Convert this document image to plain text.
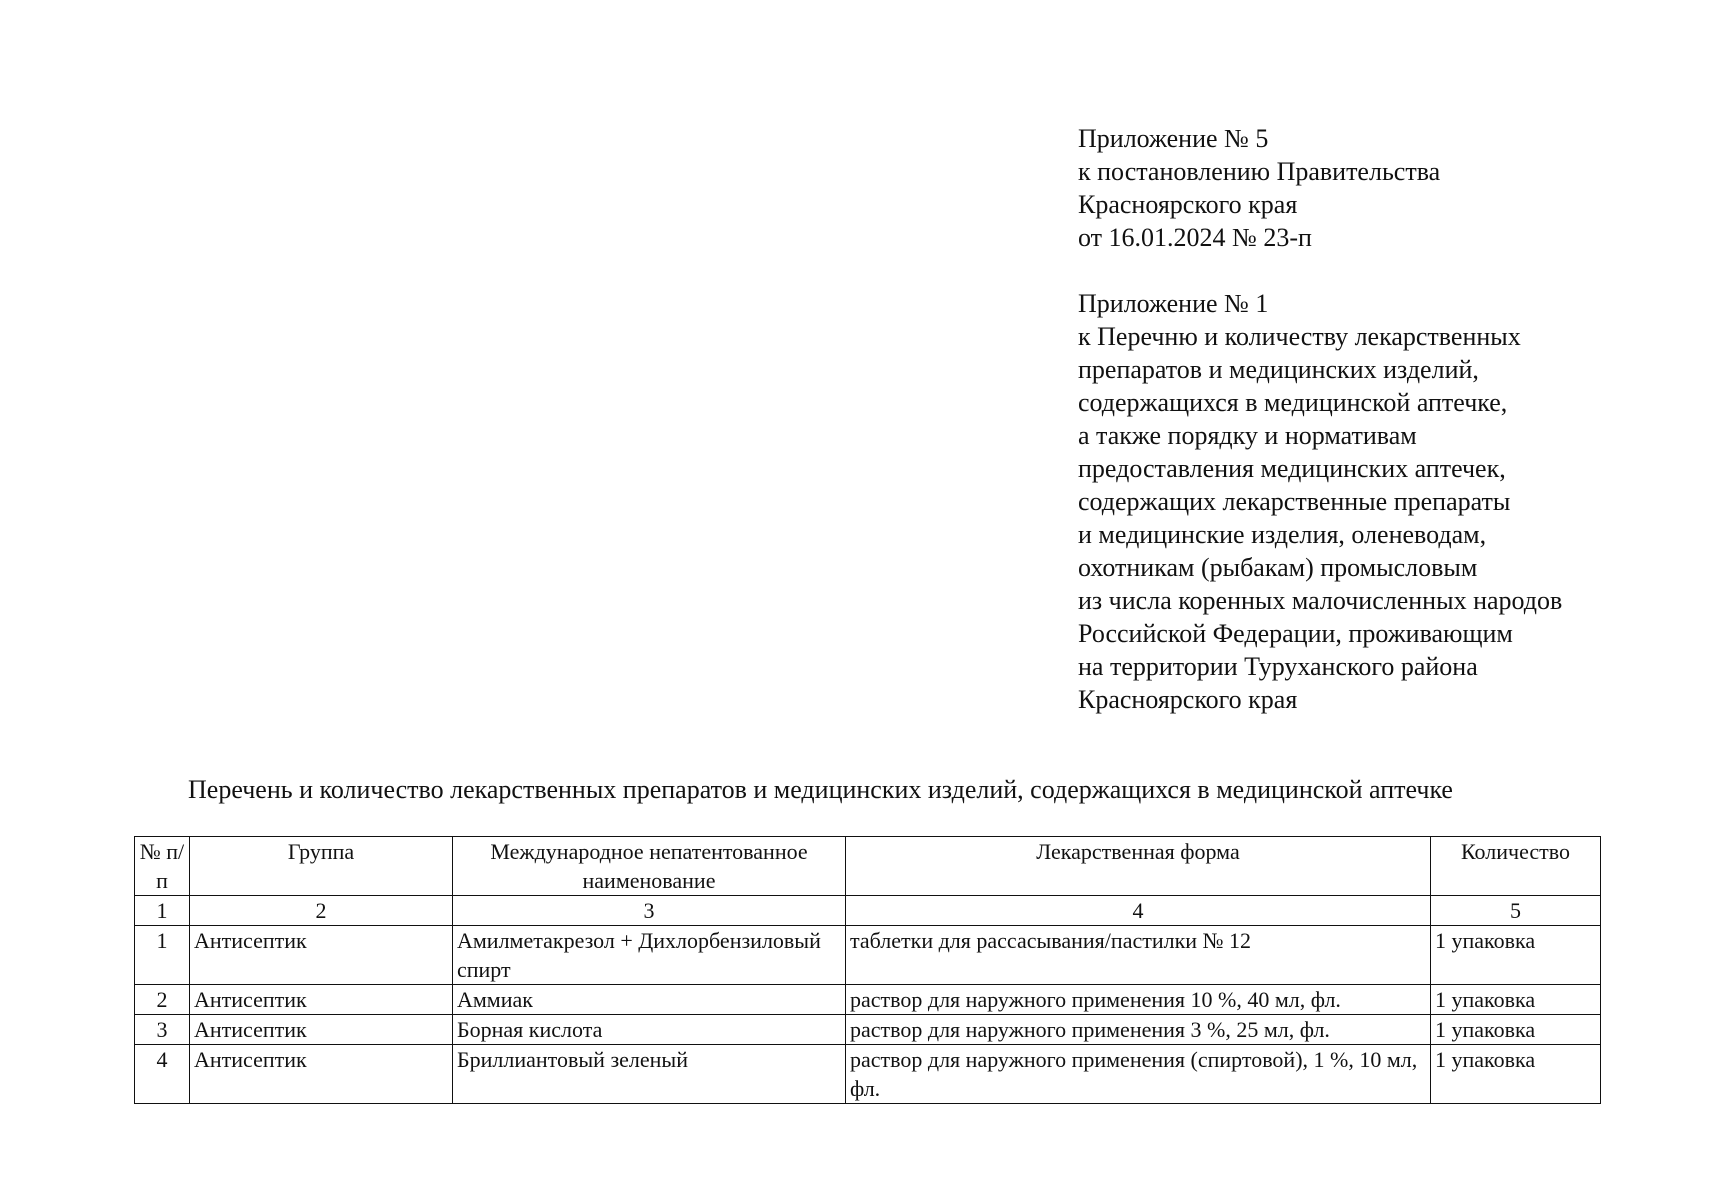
Приложение № 5
к постановлению Правительства
Красноярского края
от 16.01.2024 № 23-п
Приложение № 1
к Перечню и количеству лекарственных
препаратов и медицинских изделий,
содержащихся в медицинской аптечке,
а также порядку и нормативам
предоставления медицинских аптечек,
содержащих лекарственные препараты
и медицинские изделия, оленеводам,
охотникам (рыбакам) промысловым
из числа коренных малочисленных народов
Российской Федерации, проживающим
на территории Туруханского района
Красноярского края
Перечень и количество лекарственных препаратов и медицинских изделий, содержащихся в медицинской аптечке
№ п/п	Группа	Международное непатентованное наименование	Лекарственная форма	Количество
1	2	3	4	5
1	Антисептик	Амилметакрезол + Дихлорбензиловый спирт	таблетки для рассасывания/пастилки № 12	1 упаковка
2	Антисептик	Аммиак	раствор для наружного применения 10 %, 40 мл, фл.	1 упаковка
3	Антисептик	Борная кислота	раствор для наружного применения 3 %, 25 мл, фл.	1 упаковка
4	Антисептик	Бриллиантовый зеленый	раствор для наружного применения (спиртовой), 1 %, 10 мл, фл.	1 упаковка
